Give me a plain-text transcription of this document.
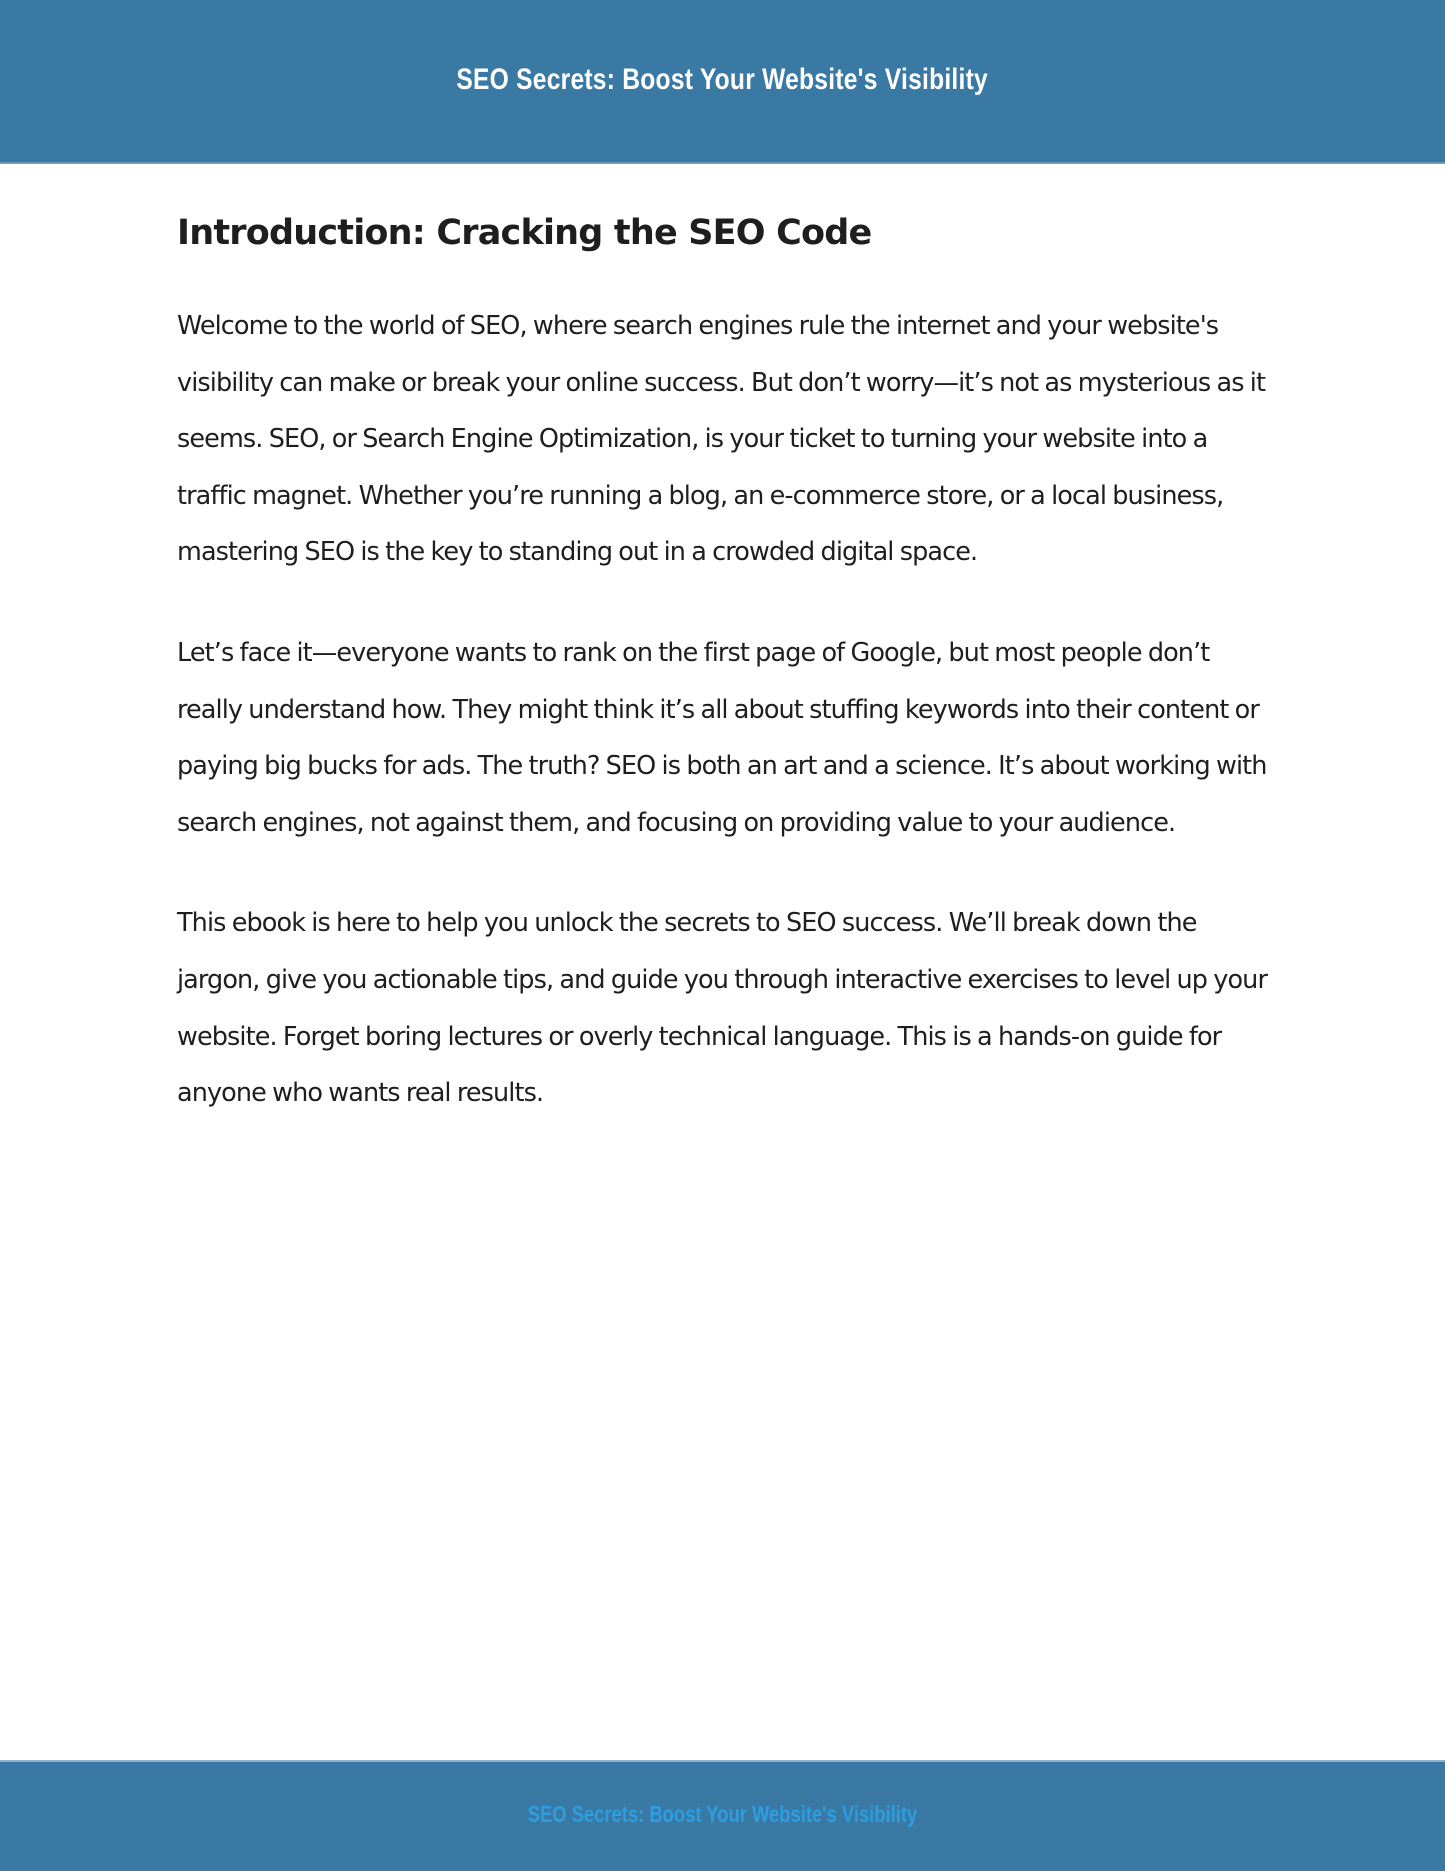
SEO Secrets: Boost Your Website's Visibility
Introduction: Cracking the SEO Code

Welcome to the world of SEO, where search engines rule the internet and your website's visibility can make or break your online success. But don’t worry—it’s not as mysterious as it seems. SEO, or Search Engine Optimization, is your ticket to turning your website into a traffic magnet. Whether you’re running a blog, an e-commerce store, or a local business, mastering SEO is the key to standing out in a crowded digital space.

Let’s face it—everyone wants to rank on the first page of Google, but most people don’t really understand how. They might think it’s all about stuffing keywords into their content or paying big bucks for ads. The truth? SEO is both an art and a science. It’s about working with search engines, not against them, and focusing on providing value to your audience.

This ebook is here to help you unlock the secrets to SEO success. We’ll break down the jargon, give you actionable tips, and guide you through interactive exercises to level up your website. Forget boring lectures or overly technical language. This is a hands-on guide for anyone who wants real results.

SEO Secrets: Boost Your Website's Visibility
